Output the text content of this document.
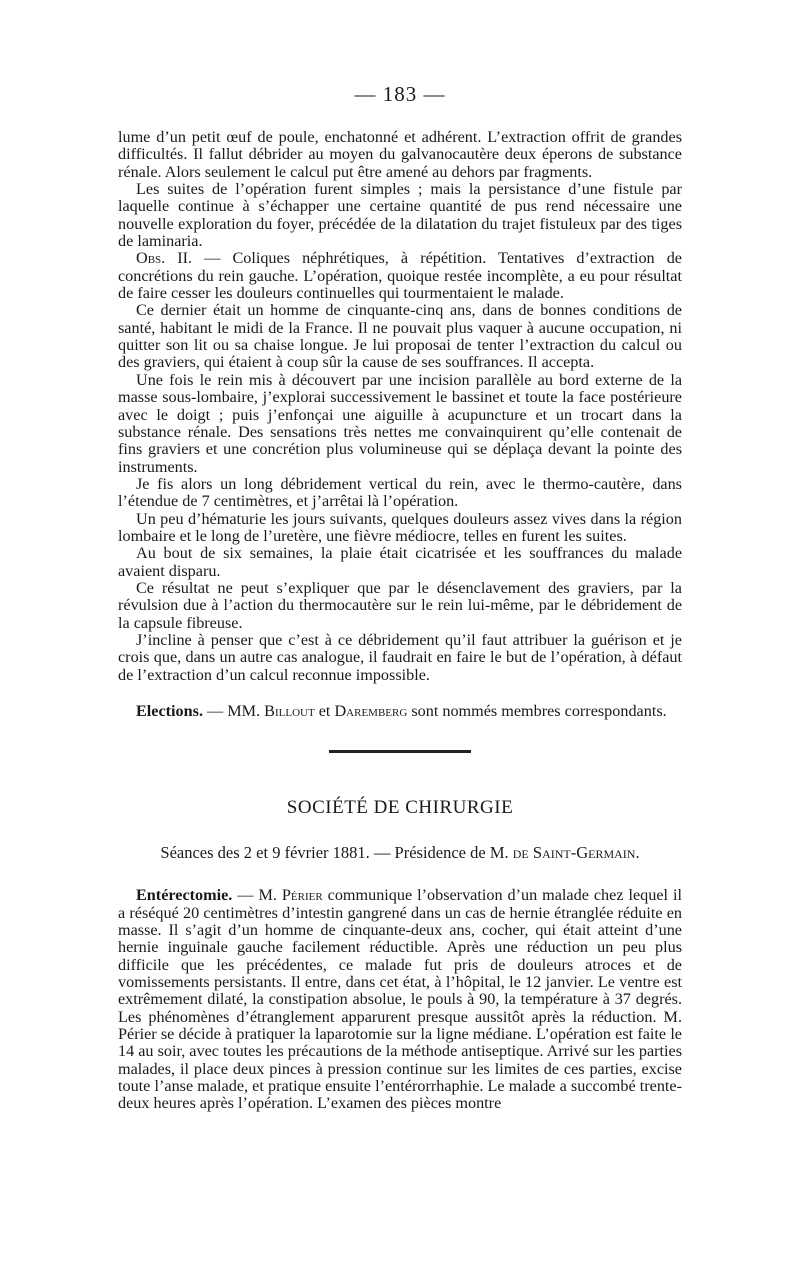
— 183 —

lume d’un petit œuf de poule, enchatonné et adhérent. L’extraction offrit de grandes difficultés. Il fallut débrider au moyen du galvanocautère deux éperons de substance rénale. Alors seulement le calcul put être amené au dehors par fragments.

Les suites de l’opération furent simples ; mais la persistance d’une fistule par laquelle continue à s’échapper une certaine quantité de pus rend nécessaire une nouvelle exploration du foyer, précédée de la dilatation du trajet fistuleux par des tiges de laminaria.

Obs. II. — Coliques néphrétiques, à répétition. Tentatives d’extraction de concrétions du rein gauche. L’opération, quoique restée incomplète, a eu pour résultat de faire cesser les douleurs continuelles qui tourmentaient le malade.

Ce dernier était un homme de cinquante-cinq ans, dans de bonnes conditions de santé, habitant le midi de la France. Il ne pouvait plus vaquer à aucune occupation, ni quitter son lit ou sa chaise longue. Je lui proposai de tenter l’extraction du calcul ou des graviers, qui étaient à coup sûr la cause de ses souffrances. Il accepta.

Une fois le rein mis à découvert par une incision parallèle au bord externe de la masse sous-lombaire, j’explorai successivement le bassinet et toute la face postérieure avec le doigt ; puis j’enfonçai une aiguille à acupuncture et un trocart dans la substance rénale. Des sensations très nettes me convainquirent qu’elle contenait de fins graviers et une concrétion plus volumineuse qui se déplaça devant la pointe des instruments.

Je fis alors un long débridement vertical du rein, avec le thermo-cautère, dans l’étendue de 7 centimètres, et j’arrêtai là l’opération.

Un peu d’hématurie les jours suivants, quelques douleurs assez vives dans la région lombaire et le long de l’uretère, une fièvre médiocre, telles en furent les suites.

Au bout de six semaines, la plaie était cicatrisée et les souffrances du malade avaient disparu.

Ce résultat ne peut s’expliquer que par le désenclavement des graviers, par la révulsion due à l’action du thermocautère sur le rein lui-même, par le débridement de la capsule fibreuse.

J’incline à penser que c’est à ce débridement qu’il faut attribuer la guérison et je crois que, dans un autre cas analogue, il faudrait en faire le but de l’opération, à défaut de l’extraction d’un calcul reconnue impossible.

Elections. — MM. Billout et Daremberg sont nommés membres correspondants.

SOCIÉTÉ DE CHIRURGIE
Séances des 2 et 9 février 1881. — Présidence de M. de Saint-Germain.

Entérectomie. — M. Périer communique l’observation d’un malade chez lequel il a réséqué 20 centimètres d’intestin gangrené dans un cas de hernie étranglée réduite en masse. Il s’agit d’un homme de cinquante-deux ans, cocher, qui était atteint d’une hernie inguinale gauche facilement réductible. Après une réduction un peu plus difficile que les précédentes, ce malade fut pris de douleurs atroces et de vomissements persistants. Il entre, dans cet état, à l’hôpital, le 12 janvier. Le ventre est extrêmement dilaté, la constipation absolue, le pouls à 90, la température à 37 degrés. Les phénomènes d’étranglement apparurent presque aussitôt après la réduction. M. Périer se décide à pratiquer la laparotomie sur la ligne médiane. L’opération est faite le 14 au soir, avec toutes les précautions de la méthode antiseptique. Arrivé sur les parties malades, il place deux pinces à pression continue sur les limites de ces parties, excise toute l’anse malade, et pratique ensuite l’entérorrhaphie. Le malade a succombé trente-deux heures après l’opération. L’examen des pièces montre
